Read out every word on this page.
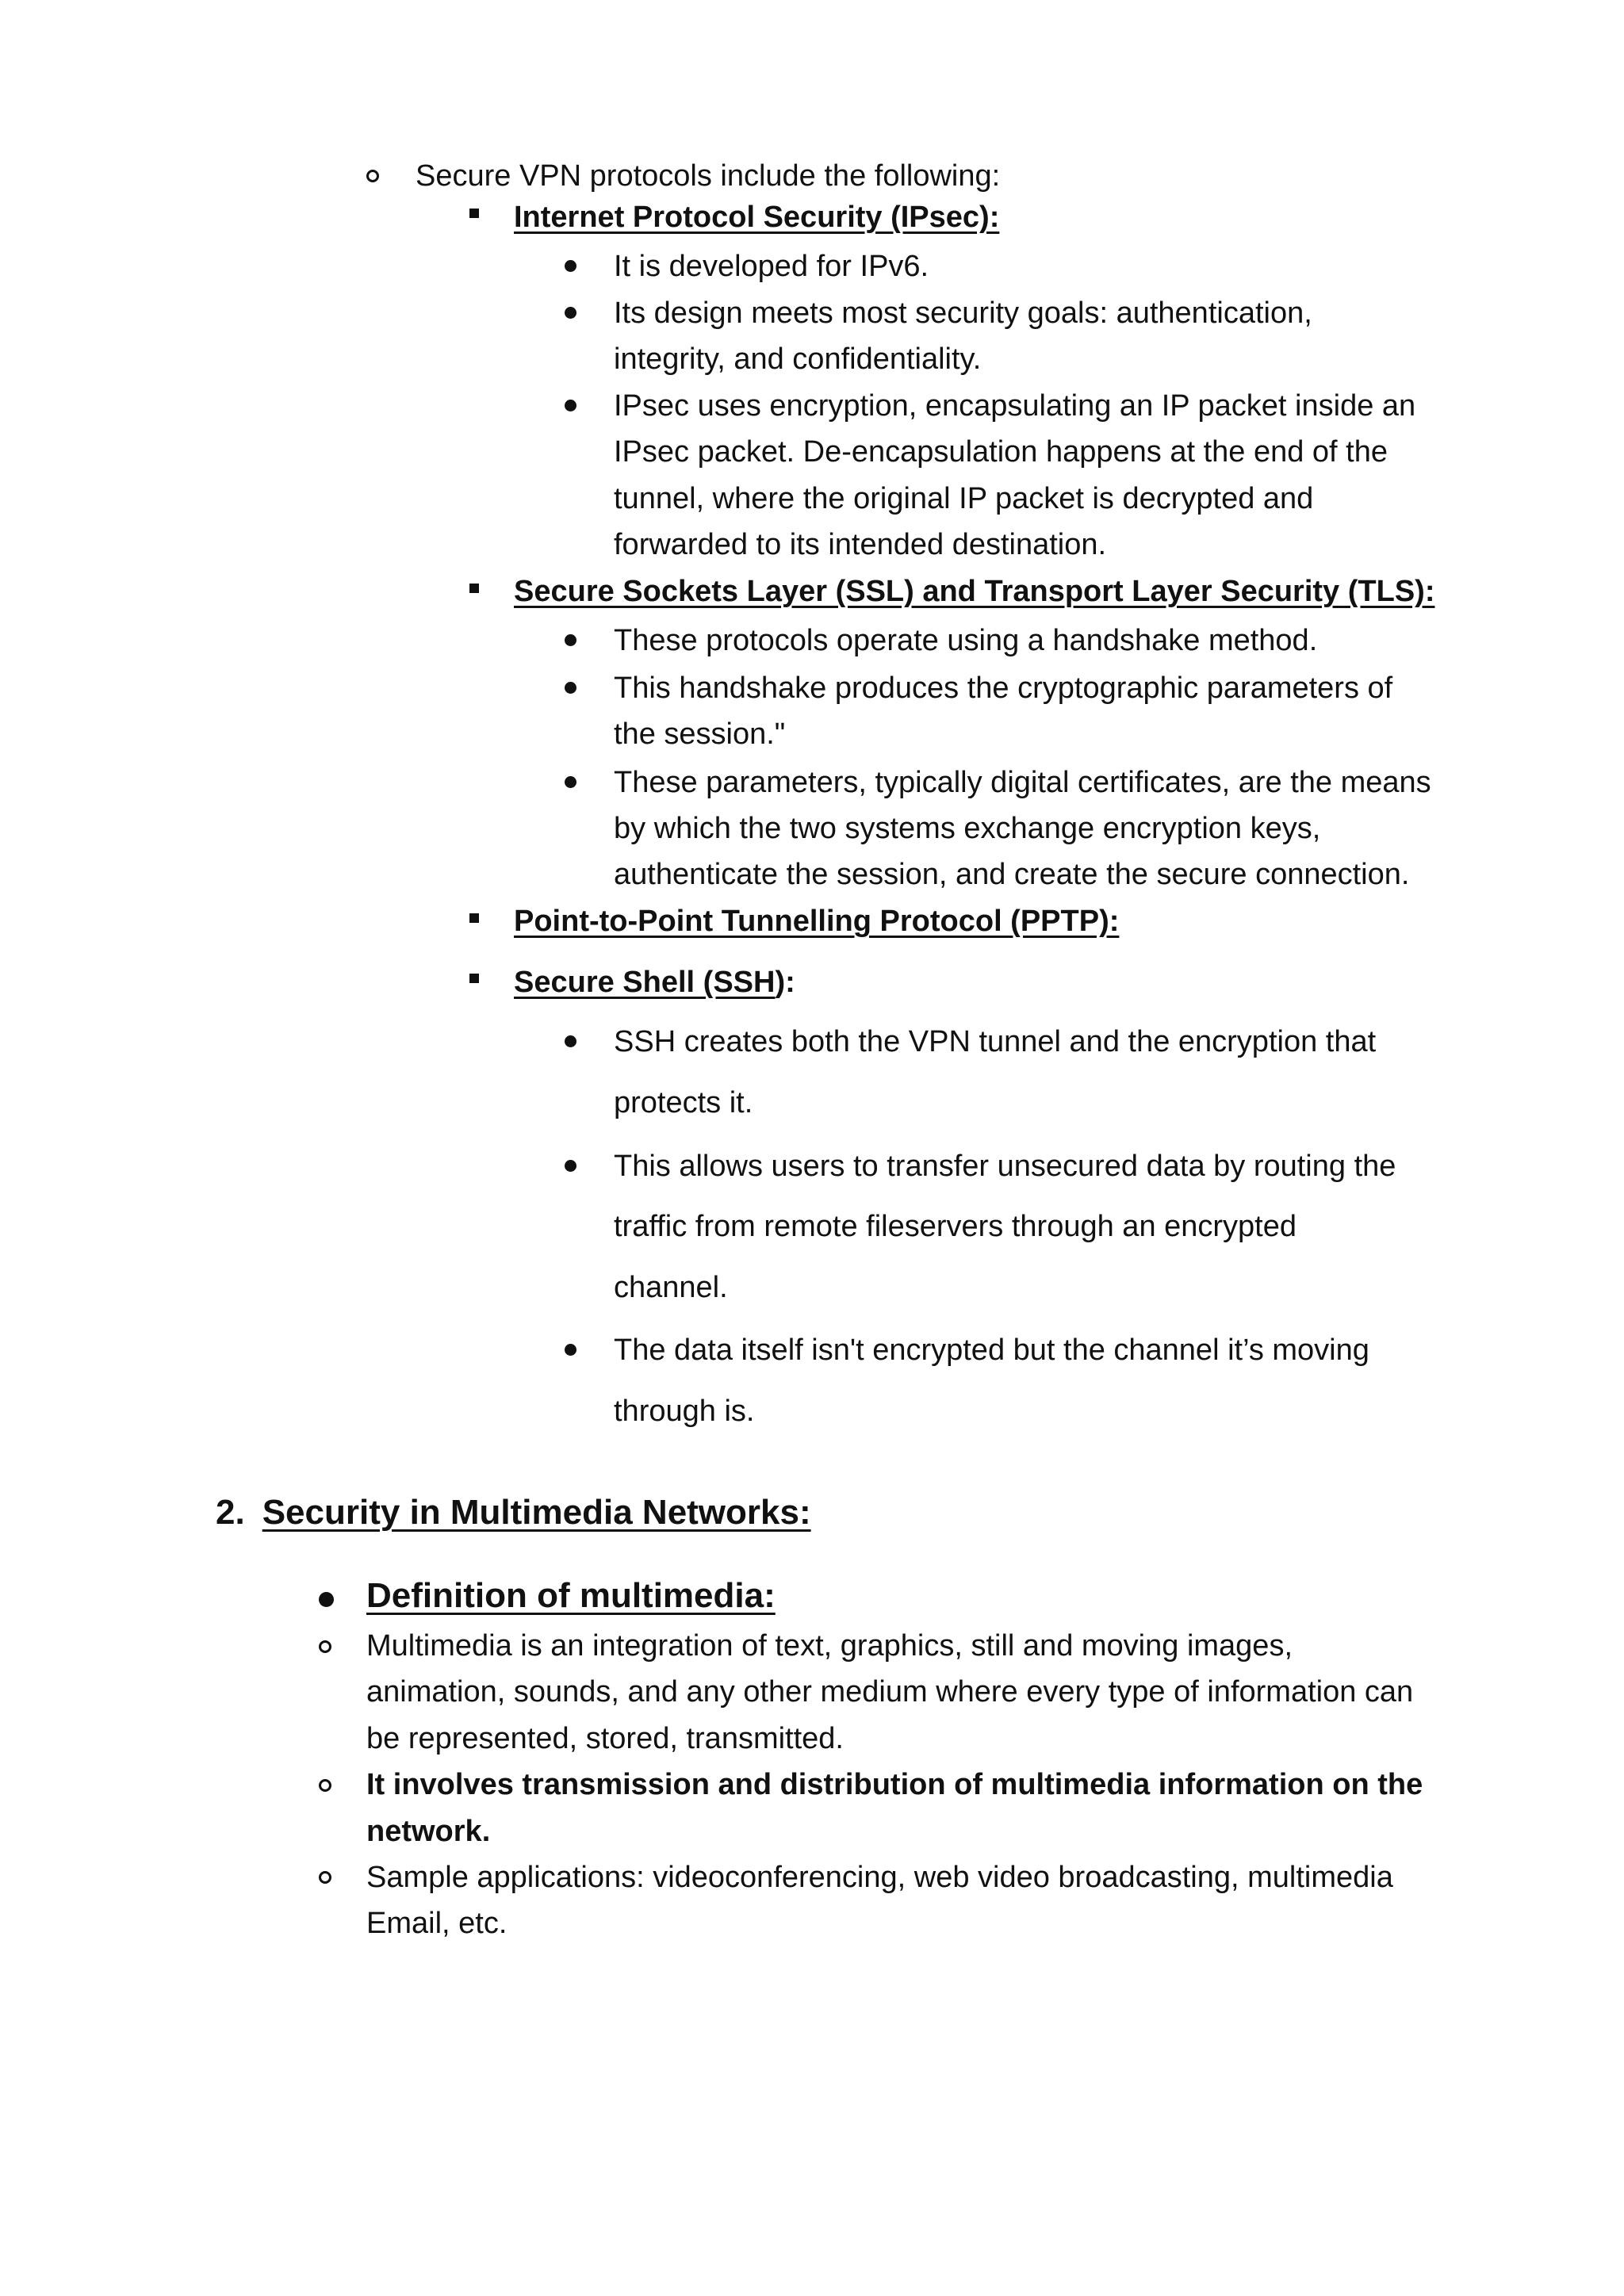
Secure VPN protocols include the following:
Internet Protocol Security (IPsec):
It is developed for IPv6.
Its design meets most security goals: authentication,
integrity, and confidentiality.
IPsec uses encryption, encapsulating an IP packet inside an
IPsec packet. De-encapsulation happens at the end of the
tunnel, where the original IP packet is decrypted and
forwarded to its intended destination.
Secure Sockets Layer (SSL) and Transport Layer Security (TLS):
These protocols operate using a handshake method.
This handshake produces the cryptographic parameters of
the session."
These parameters, typically digital certificates, are the means
by which the two systems exchange encryption keys,
authenticate the session, and create the secure connection.
Point-to-Point Tunnelling Protocol (PPTP):
Secure Shell (SSH):
SSH creates both the VPN tunnel and the encryption that
protects it.
This allows users to transfer unsecured data by routing the
traffic from remote fileservers through an encrypted
channel.
The data itself isn't encrypted but the channel it’s moving
through is.
2. Security in Multimedia Networks:
Definition of multimedia:
Multimedia is an integration of text, graphics, still and moving images,
animation, sounds, and any other medium where every type of information can
be represented, stored, transmitted.
It involves transmission and distribution of multimedia information on the
network.
Sample applications: videoconferencing, web video broadcasting, multimedia
Email, etc.
